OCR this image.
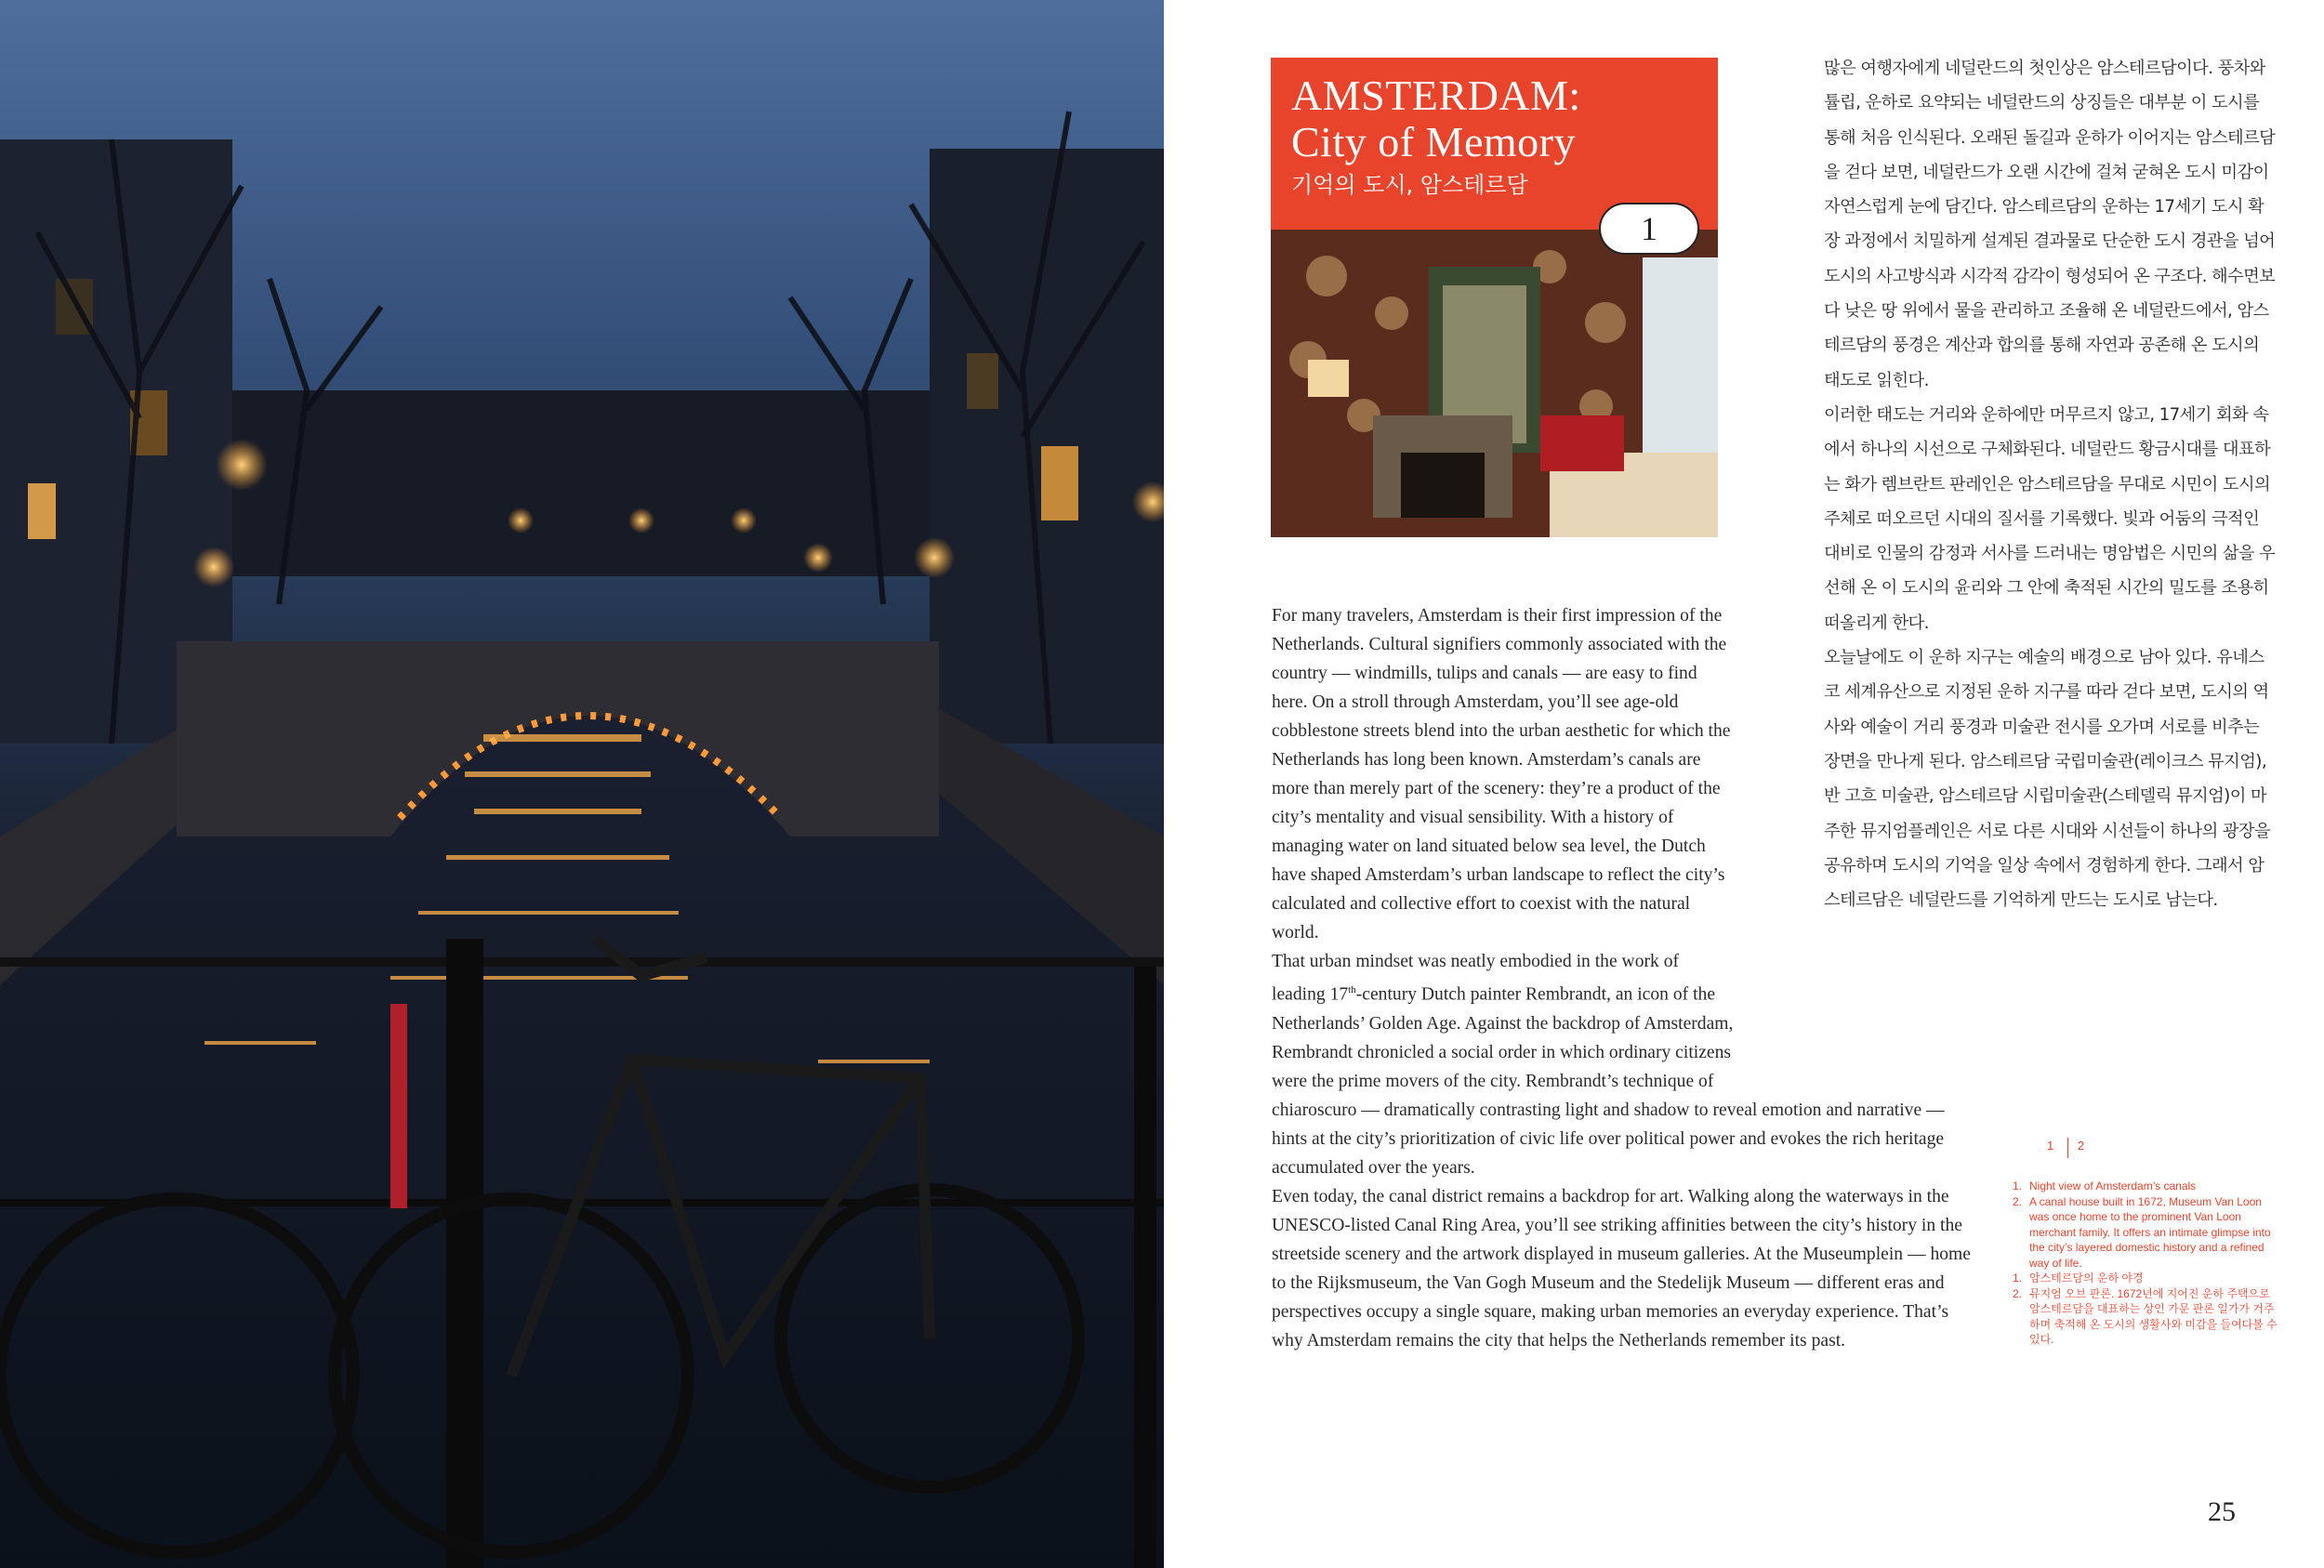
AMSTERDAM:
City of Memory
기억의 도시, 암스테르담
1

For many travelers, Amsterdam is their first impression of the Netherlands. Cultural signifiers commonly associated with the country — windmills, tulips and canals — are easy to find here. On a stroll through Amsterdam, you’ll see age-old cobblestone streets blend into the urban aesthetic for which the Netherlands has long been known. Amsterdam’s canals are more than merely part of the scenery: they’re a product of the city’s mentality and visual sensibility. With a history of managing water on land situated below sea level, the Dutch have shaped Amsterdam’s urban landscape to reflect the city’s calculated and collective effort to coexist with the natural world.

That urban mindset was neatly embodied in the work of leading 17th-century Dutch painter Rembrandt, an icon of the Netherlands’ Golden Age. Against the backdrop of Amsterdam, Rembrandt chronicled a social order in which ordinary citizens were the prime movers of the city. Rembrandt’s technique of

chiaroscuro — dramatically contrasting light and shadow to reveal emotion and narrative — hints at the city’s prioritization of civic life over political power and evokes the rich heritage accumulated over the years.

Even today, the canal district remains a backdrop for art. Walking along the waterways in the UNESCO-listed Canal Ring Area, you’ll see striking affinities between the city’s history in the streetside scenery and the artwork displayed in museum galleries. At the Museumplein — home to the Rijksmuseum, the Van Gogh Museum and the Stedelijk Museum — different eras and perspectives occupy a single square, making urban memories an everyday experience. That’s why Amsterdam remains the city that helps the Netherlands remember its past.

많은 여행자에게 네덜란드의 첫인상은 암스테르담이다. 풍차와 튤립, 운하로 요약되는 네덜란드의 상징들은 대부분 이 도시를 통해 처음 인식된다. 오래된 돌길과 운하가 이어지는 암스테르담을 걷다 보면, 네덜란드가 오랜 시간에 걸쳐 굳혀온 도시 미감이 자연스럽게 눈에 담긴다. 암스테르담의 운하는 17세기 도시 확장 과정에서 치밀하게 설계된 결과물로 단순한 도시 경관을 넘어 도시의 사고방식과 시각적 감각이 형성되어 온 구조다. 해수면보다 낮은 땅 위에서 물을 관리하고 조율해 온 네덜란드에서, 암스테르담의 풍경은 계산과 합의를 통해 자연과 공존해 온 도시의 태도로 읽힌다.

이러한 태도는 거리와 운하에만 머무르지 않고, 17세기 회화 속에서 하나의 시선으로 구체화된다. 네덜란드 황금시대를 대표하는 화가 렘브란트 판레인은 암스테르담을 무대로 시민이 도시의 주체로 떠오르던 시대의 질서를 기록했다. 빛과 어둠의 극적인 대비로 인물의 감정과 서사를 드러내는 명암법은 시민의 삶을 우선해 온 이 도시의 윤리와 그 안에 축적된 시간의 밀도를 조용히 떠올리게 한다.

오늘날에도 이 운하 지구는 예술의 배경으로 남아 있다. 유네스코 세계유산으로 지정된 운하 지구를 따라 걷다 보면, 도시의 역사와 예술이 거리 풍경과 미술관 전시를 오가며 서로를 비추는 장면을 만나게 된다. 암스테르담 국립미술관(레이크스 뮤지엄), 반 고흐 미술관, 암스테르담 시립미술관(스테델릭 뮤지엄)이 마주한 뮤지엄플레인은 서로 다른 시대와 시선들이 하나의 광장을 공유하며 도시의 기억을 일상 속에서 경험하게 한다. 그래서 암스테르담은 네덜란드를 기억하게 만드는 도시로 남는다.

1 2
1. Night view of Amsterdam’s canals
2. A canal house built in 1672, Museum Van Loon was once home to the prominent Van Loon merchant family. It offers an intimate glimpse into the city’s layered domestic history and a refined way of life.
1. 암스테르담의 운하 야경
2. 뮤지엄 오브 판론. 1672년에 지어진 운하 주택으로 암스테르담을 대표하는 상인 가문 판론 일가가 거주하며 축적해 온 도시의 생활사와 미감을 들여다볼 수 있다.
25
